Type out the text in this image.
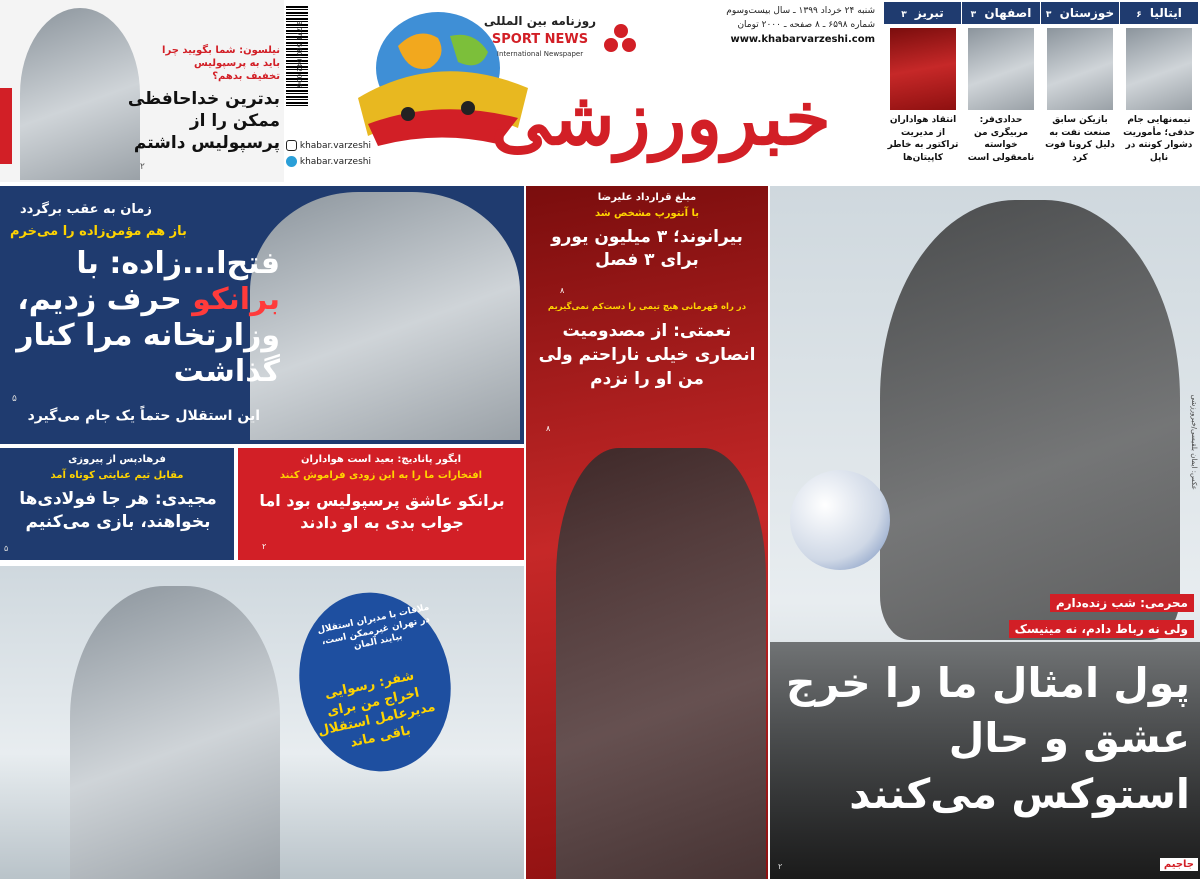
خبرورزشی
روزنامه بین المللی
SPORT NEWS
International Newspaper
شنبه ۲۴ خرداد ۱۳۹۹ ـ سال بیست‌وسوم
شماره ۶۵۹۸ ـ ۸ صفحه ـ ۲۰۰۰ تومان
www.khabarvarzeshi.com
khabar.varzeshi
khabar.varzeshi
9 771 560 042 006
ایتالیا ۶
نیمه‌نهایی جام حذفی؛ مأموریت دشوار کونته در ناپل
خوزستان ۳
بازیکن سابق صنعت نفت به دلیل کرونا فوت کرد
اصفهان ۳
حدادی‌فر: مربیگری من خواسته نامعقولی است
تبریز ۳
انتقاد هواداران از مدیریت تراکتور به خاطر کاپیتان‌ها
نیلسون: شما بگویید چرا باید به پرسپولیس تخفیف بدهم؟
بدترین خداحافظی ممکن را از پرسپولیس داشتم
۲
زمان به عقب برگردد
باز هم مؤمن‌زاده را می‌خرم
فتح‌ا...زاده: با برانکو حرف زدیم، وزارتخانه مرا کنار گذاشت
۵
این استقلال حتماً یک جام می‌گیرد
فرهادپس از پیروزی
مقابل تیم عنایتی کوتاه آمد
مجیدی: هر جا فولادی‌ها بخواهند، بازی می‌کنیم
۵
ایگور پانادیچ: بعید است هواداران
افتخارات ما را به این زودی فراموش کنند
برانکو عاشق پرسپولیس بود اما جواب بدی به او دادند
۲
ملاقات با مدیران استقلال در تهران غیرممکن است، بیایند آلمان
شفر: رسوایی اخراج من برای مدیرعامل استقلال باقی ماند
مبلغ قرارداد علیرضا
با آنتورپ مشخص شد
بیرانوند؛ ۳ میلیون یورو برای ۳ فصل
۸
در راه قهرمانی هیچ تیمی را دست‌کم نمی‌گیریم
نعمتی: از مصدومیت انصاری خیلی ناراحتم ولی من او را نزدم
۸
محرمی: شب زنده‌دارم
ولی نه رباط دادم، نه مینیسک
پول امثال ما را خرج عشق و حال استوکس می‌کنند
۲
عکس: ایمان بلقیسی/خبرورزشی
جاجیم
